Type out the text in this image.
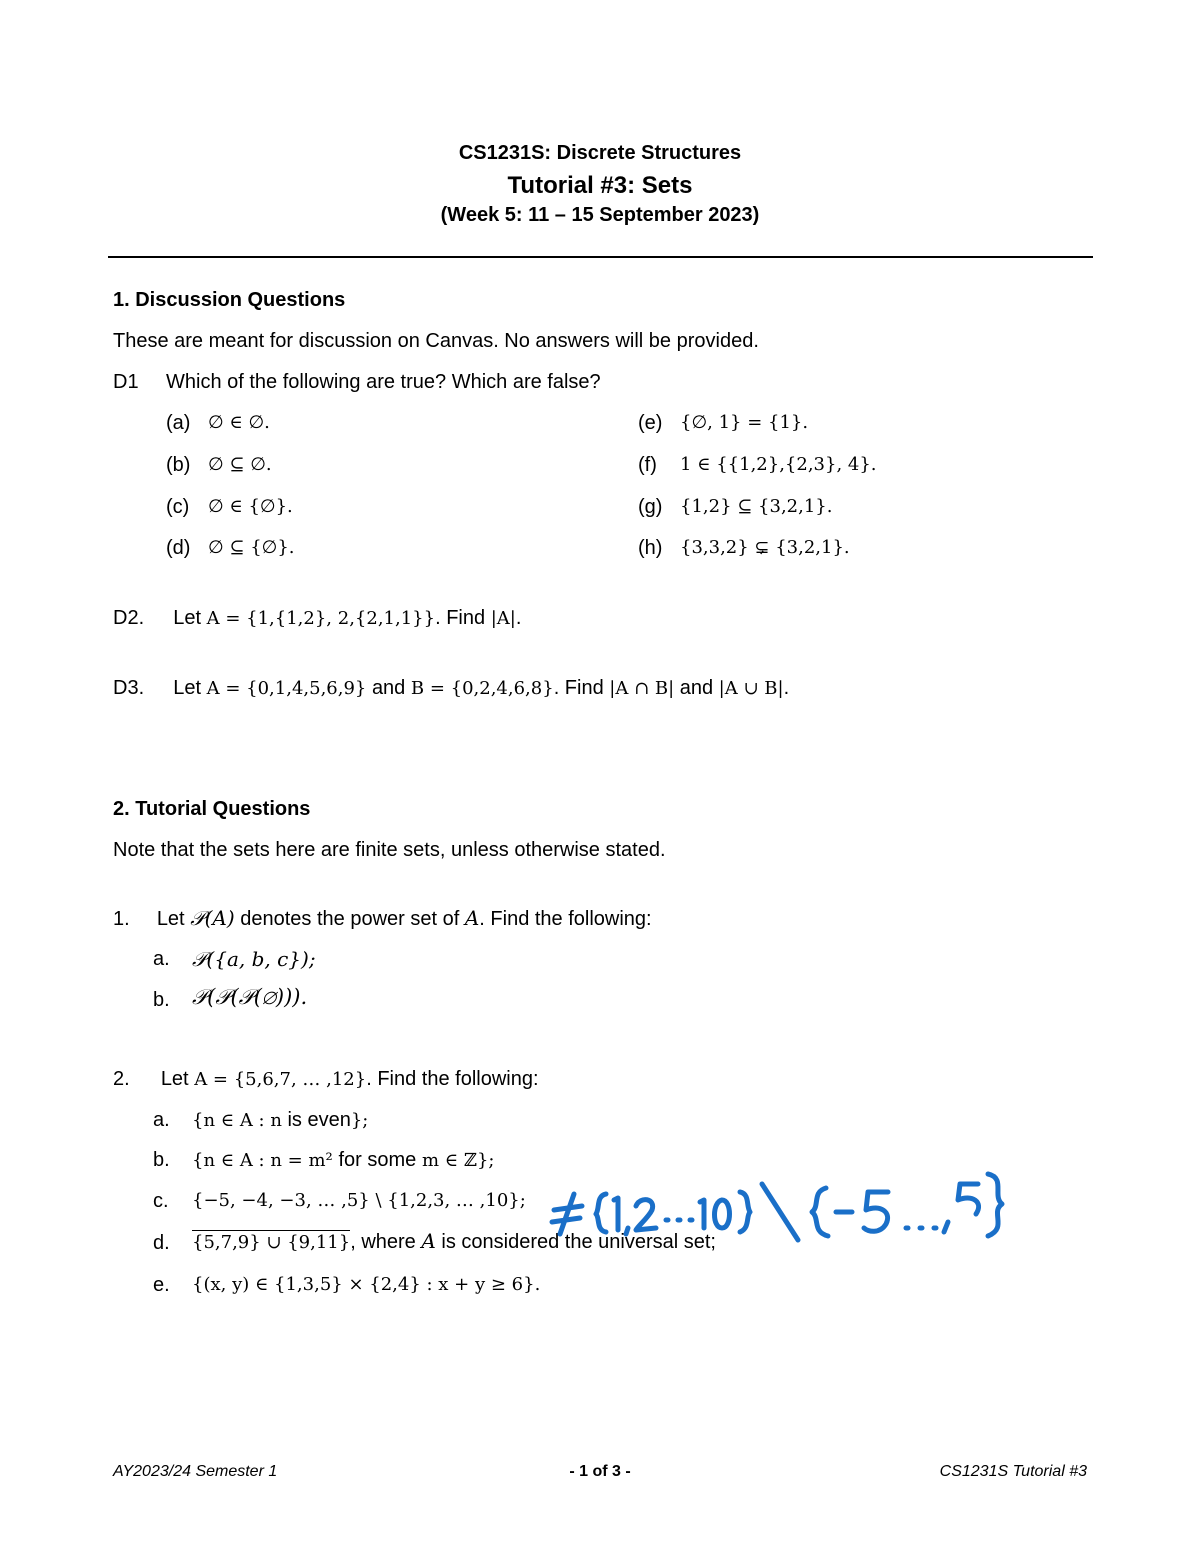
CS1231S: Discrete Structures
Tutorial #3: Sets
(Week 5: 11 – 15 September 2023)
1. Discussion Questions
These are meant for discussion on Canvas. No answers will be provided.
D1 Which of the following are true? Which are false?
(a) ∅ ∈ ∅.
(b) ∅ ⊆ ∅.
(c) ∅ ∈ {∅}.
(d) ∅ ⊆ {∅}.
(e) {∅, 1} = {1}.
(f) 1 ∈ {{1,2},{2,3}, 4}.
(g) {1,2} ⊆ {3,2,1}.
(h) {3,3,2} ⊊ {3,2,1}.
D2. Let A = {1,{1,2}, 2,{2,1,1}}. Find |A|.
D3. Let A = {0,1,4,5,6,9} and B = {0,2,4,6,8}. Find |A ∩ B| and |A ∪ B|.
2. Tutorial Questions
Note that the sets here are finite sets, unless otherwise stated.
1. Let 𝒫(A) denotes the power set of A. Find the following:
a. 𝒫({a, b, c});
b. 𝒫(𝒫(𝒫(∅))).
2. Let A = {5,6,7, … ,12}. Find the following:
a. {n ∈ A : n is even};
b. {n ∈ A : n = m² for some m ∈ ℤ};
c. {−5, −4, −3, … ,5} \ {1,2,3, … ,10};
d. {5,7,9} ∪ {9,11}, where A is considered the universal set;
e. {(x, y) ∈ {1,3,5} × {2,4} : x + y ≥ 6}.
AY2023/24 Semester 1	- 1 of 3 -	CS1231S Tutorial #3
